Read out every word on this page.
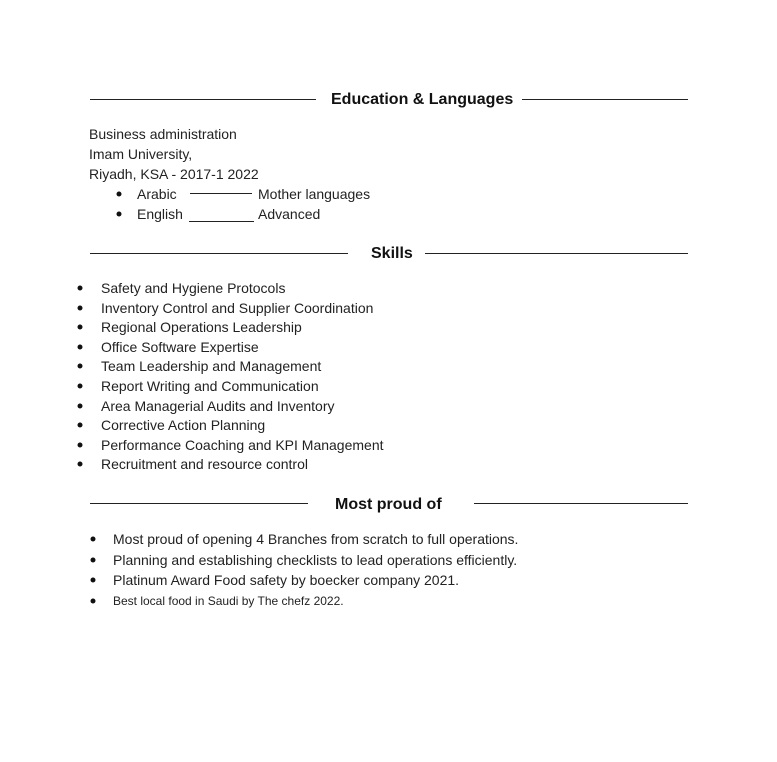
Education & Languages
Business administration
Imam University,
Riyadh, KSA - 2017-1 2022
Arabic	Mother languages
English	Advanced
Skills
Safety and Hygiene Protocols
Inventory Control and Supplier Coordination
Regional Operations Leadership
Office Software Expertise
Team Leadership and Management
Report Writing and Communication
Area Managerial Audits and Inventory
Corrective Action Planning
Performance Coaching and KPI Management
Recruitment and resource control
Most proud of
Most proud of opening 4 Branches from scratch to full operations.
Planning and establishing checklists to lead operations efficiently.
Platinum Award Food safety by boecker company 2021.
Best local food in Saudi by The chefz 2022.
